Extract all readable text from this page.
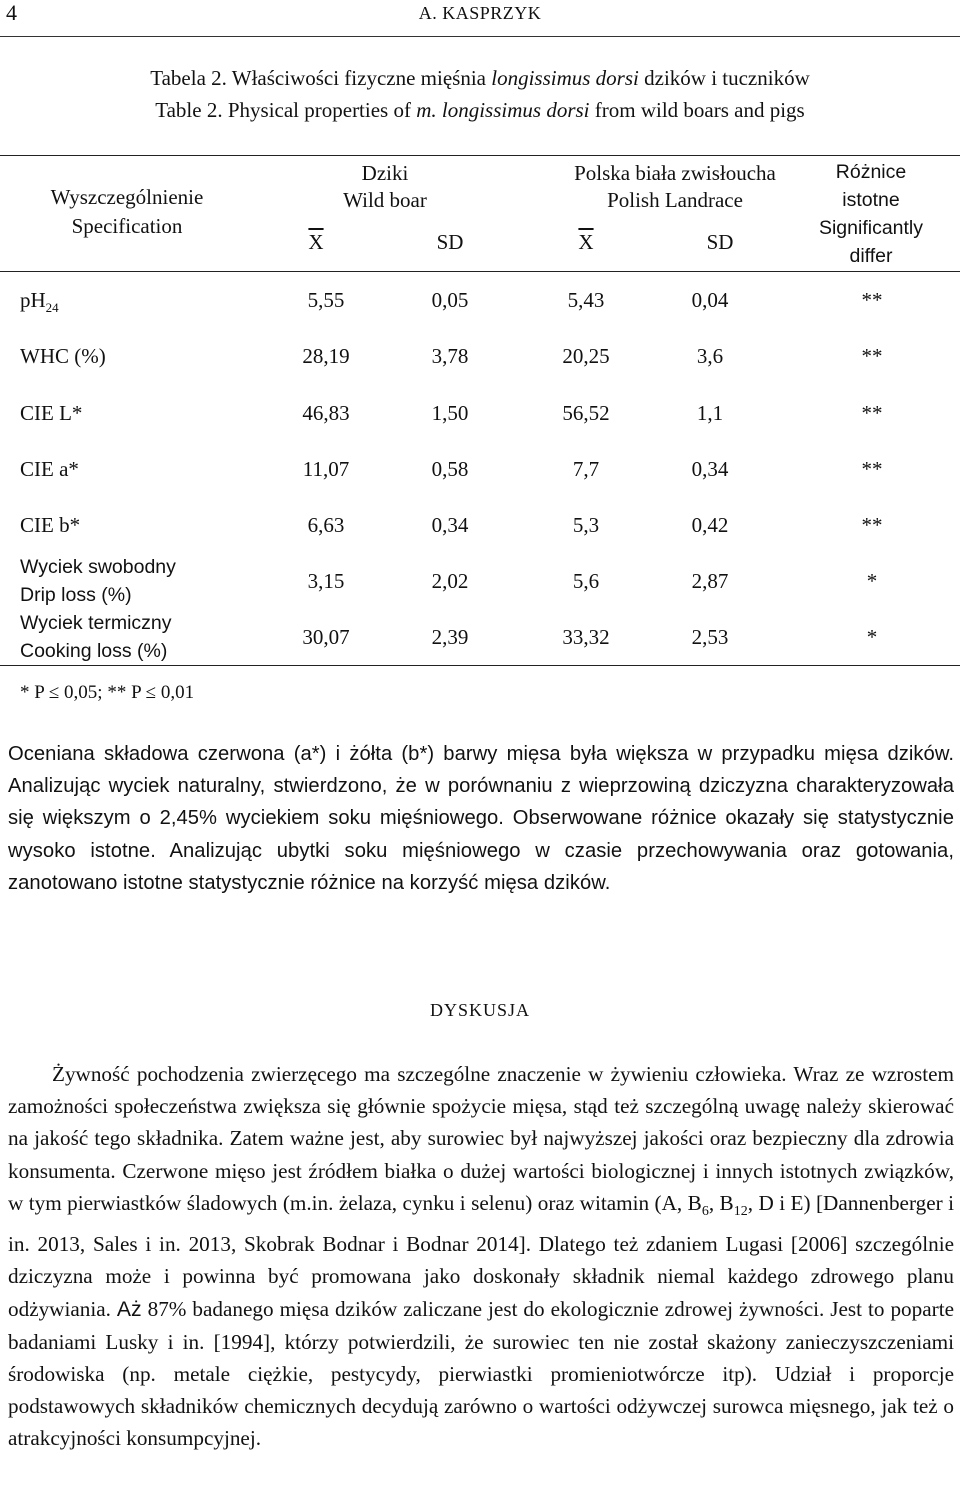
4	A. KASPRZYK
Tabela 2. Właściwości fizyczne mięśnia longissimus dorsi dzików i tuczników
Table 2. Physical properties of m. longissimus dorsi from wild boars and pigs
Wyszczególnienie
Specification
Dziki
Wild boar
Polska biała zwisłoucha
Polish Landrace
$\overline{X}$	SD	$\overline{X}$	SD
Różnice
istotne
Significantly
differ
$pH_{24}$	5,55	0,05	5,43	0,04	**
WHC (%)	28,19	3,78	20,25	3,6	**
CIE L*	46,83	1,50	56,52	1,1	**
CIE a*	11,07	0,58	7,7	0,34	**
CIE b*	6,63	0,34	5,3	0,42	**
Wyciek swobodny
Drip loss (%)
3,15	2,02	5,6	2,87	*
Wyciek termiczny
Cooking loss (%)
30,07	2,39	33,32	2,53	*
* P ≤ 0,05; ** P ≤ 0,01
Oceniana składowa czerwona (a*) i żółta (b*) barwy mięsa była większa w przypadku mięsa dzików. Analizując wyciek naturalny, stwierdzono, że w porównaniu z wieprzowiną dziczyzna charakteryzowała się większym o 2,45% wyciekiem soku mięśniowego. Obserwowane różnice okazały się statystycznie wysoko istotne. Analizując ubytki soku mięśniowego w czasie przechowywania oraz gotowania, zanotowano istotne statystycznie różnice na korzyść mięsa dzików.
DYSKUSJA
Żywność pochodzenia zwierzęcego ma szczególne znaczenie w żywieniu człowieka. Wraz ze wzrostem zamożności społeczeństwa zwiększa się głównie spożycie mięsa, stąd też szczególną uwagę należy skierować na jakość tego składnika. Zatem ważne jest, aby surowiec był najwyższej jakości oraz bezpieczny dla zdrowia konsumenta. Czerwone mięso jest źródłem białka o dużej wartości biologicznej i innych istotnych związków, w tym pierwiastków śladowych (m.in. żelaza, cynku i selenu) oraz witamin (A, $B_6$, $B_{12}$, D i E) [Dannenberger i in. 2013, Sales i in. 2013, Skobrak Bodnar i Bodnar 2014]. Dlatego też zdaniem Lugasi [2006] szczególnie dziczyzna może i powinna być promowana jako doskonały składnik niemal każdego zdrowego planu odżywiania. Aż 87% badanego mięsa dzików zaliczane jest do ekologicznie zdrowej żywności. Jest to poparte badaniami Lusky i in. [1994], którzy potwierdzili, że surowiec ten nie został skażony zanieczyszczeniami środowiska (np. metale ciężkie, pestycydy, pierwiastki promieniotwórcze itp). Udział i proporcje podstawowych składników chemicznych decydują zarówno o wartości odżywczej surowca mięsnego, jak też o atrakcyjności konsumpcyjnej.
